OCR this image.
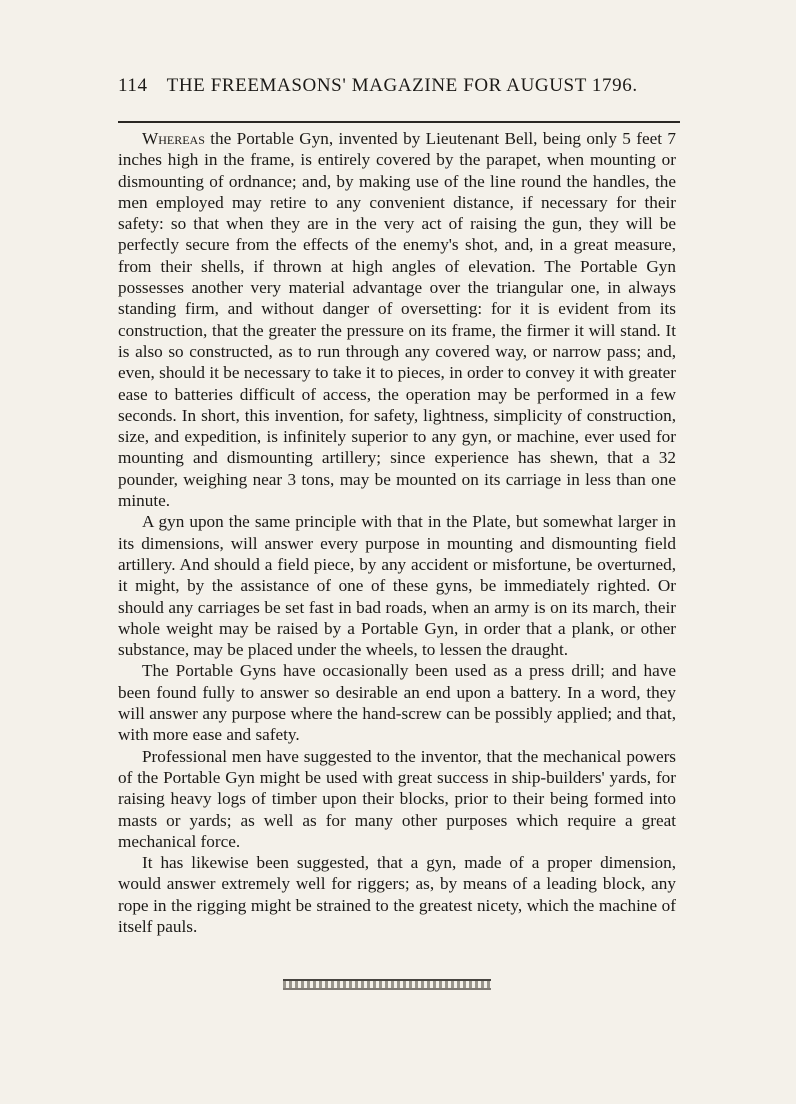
114 THE FREEMASONS' MAGAZINE FOR AUGUST 1796.

Whereas the Portable Gyn, invented by Lieutenant Bell, being only 5 feet 7 inches high in the frame, is entirely covered by the parapet, when mounting or dismounting of ordnance; and, by making use of the line round the handles, the men employed may retire to any convenient distance, if necessary for their safety: so that when they are in the very act of raising the gun, they will be perfectly secure from the effects of the enemy's shot, and, in a great measure, from their shells, if thrown at high angles of elevation. The Portable Gyn possesses another very material advantage over the triangular one, in always standing firm, and without danger of oversetting: for it is evident from its construction, that the greater the pressure on its frame, the firmer it will stand. It is also so constructed, as to run through any covered way, or narrow pass; and, even, should it be necessary to take it to pieces, in order to convey it with greater ease to batteries difficult of access, the operation may be performed in a few seconds. In short, this invention, for safety, lightness, simplicity of construction, size, and expedition, is infinitely superior to any gyn, or machine, ever used for mounting and dismounting artillery; since experience has shewn, that a 32 pounder, weighing near 3 tons, may be mounted on its carriage in less than one minute.

A gyn upon the same principle with that in the Plate, but somewhat larger in its dimensions, will answer every purpose in mounting and dismounting field artillery. And should a field piece, by any accident or misfortune, be overturned, it might, by the assistance of one of these gyns, be immediately righted. Or should any carriages be set fast in bad roads, when an army is on its march, their whole weight may be raised by a Portable Gyn, in order that a plank, or other substance, may be placed under the wheels, to lessen the draught.

The Portable Gyns have occasionally been used as a press drill; and have been found fully to answer so desirable an end upon a battery. In a word, they will answer any purpose where the hand-screw can be possibly applied; and that, with more ease and safety.

Professional men have suggested to the inventor, that the mechanical powers of the Portable Gyn might be used with great success in ship-builders' yards, for raising heavy logs of timber upon their blocks, prior to their being formed into masts or yards; as well as for many other purposes which require a great mechanical force.

It has likewise been suggested, that a gyn, made of a proper dimension, would answer extremely well for riggers; as, by means of a leading block, any rope in the rigging might be strained to the greatest nicety, which the machine of itself pauls.
